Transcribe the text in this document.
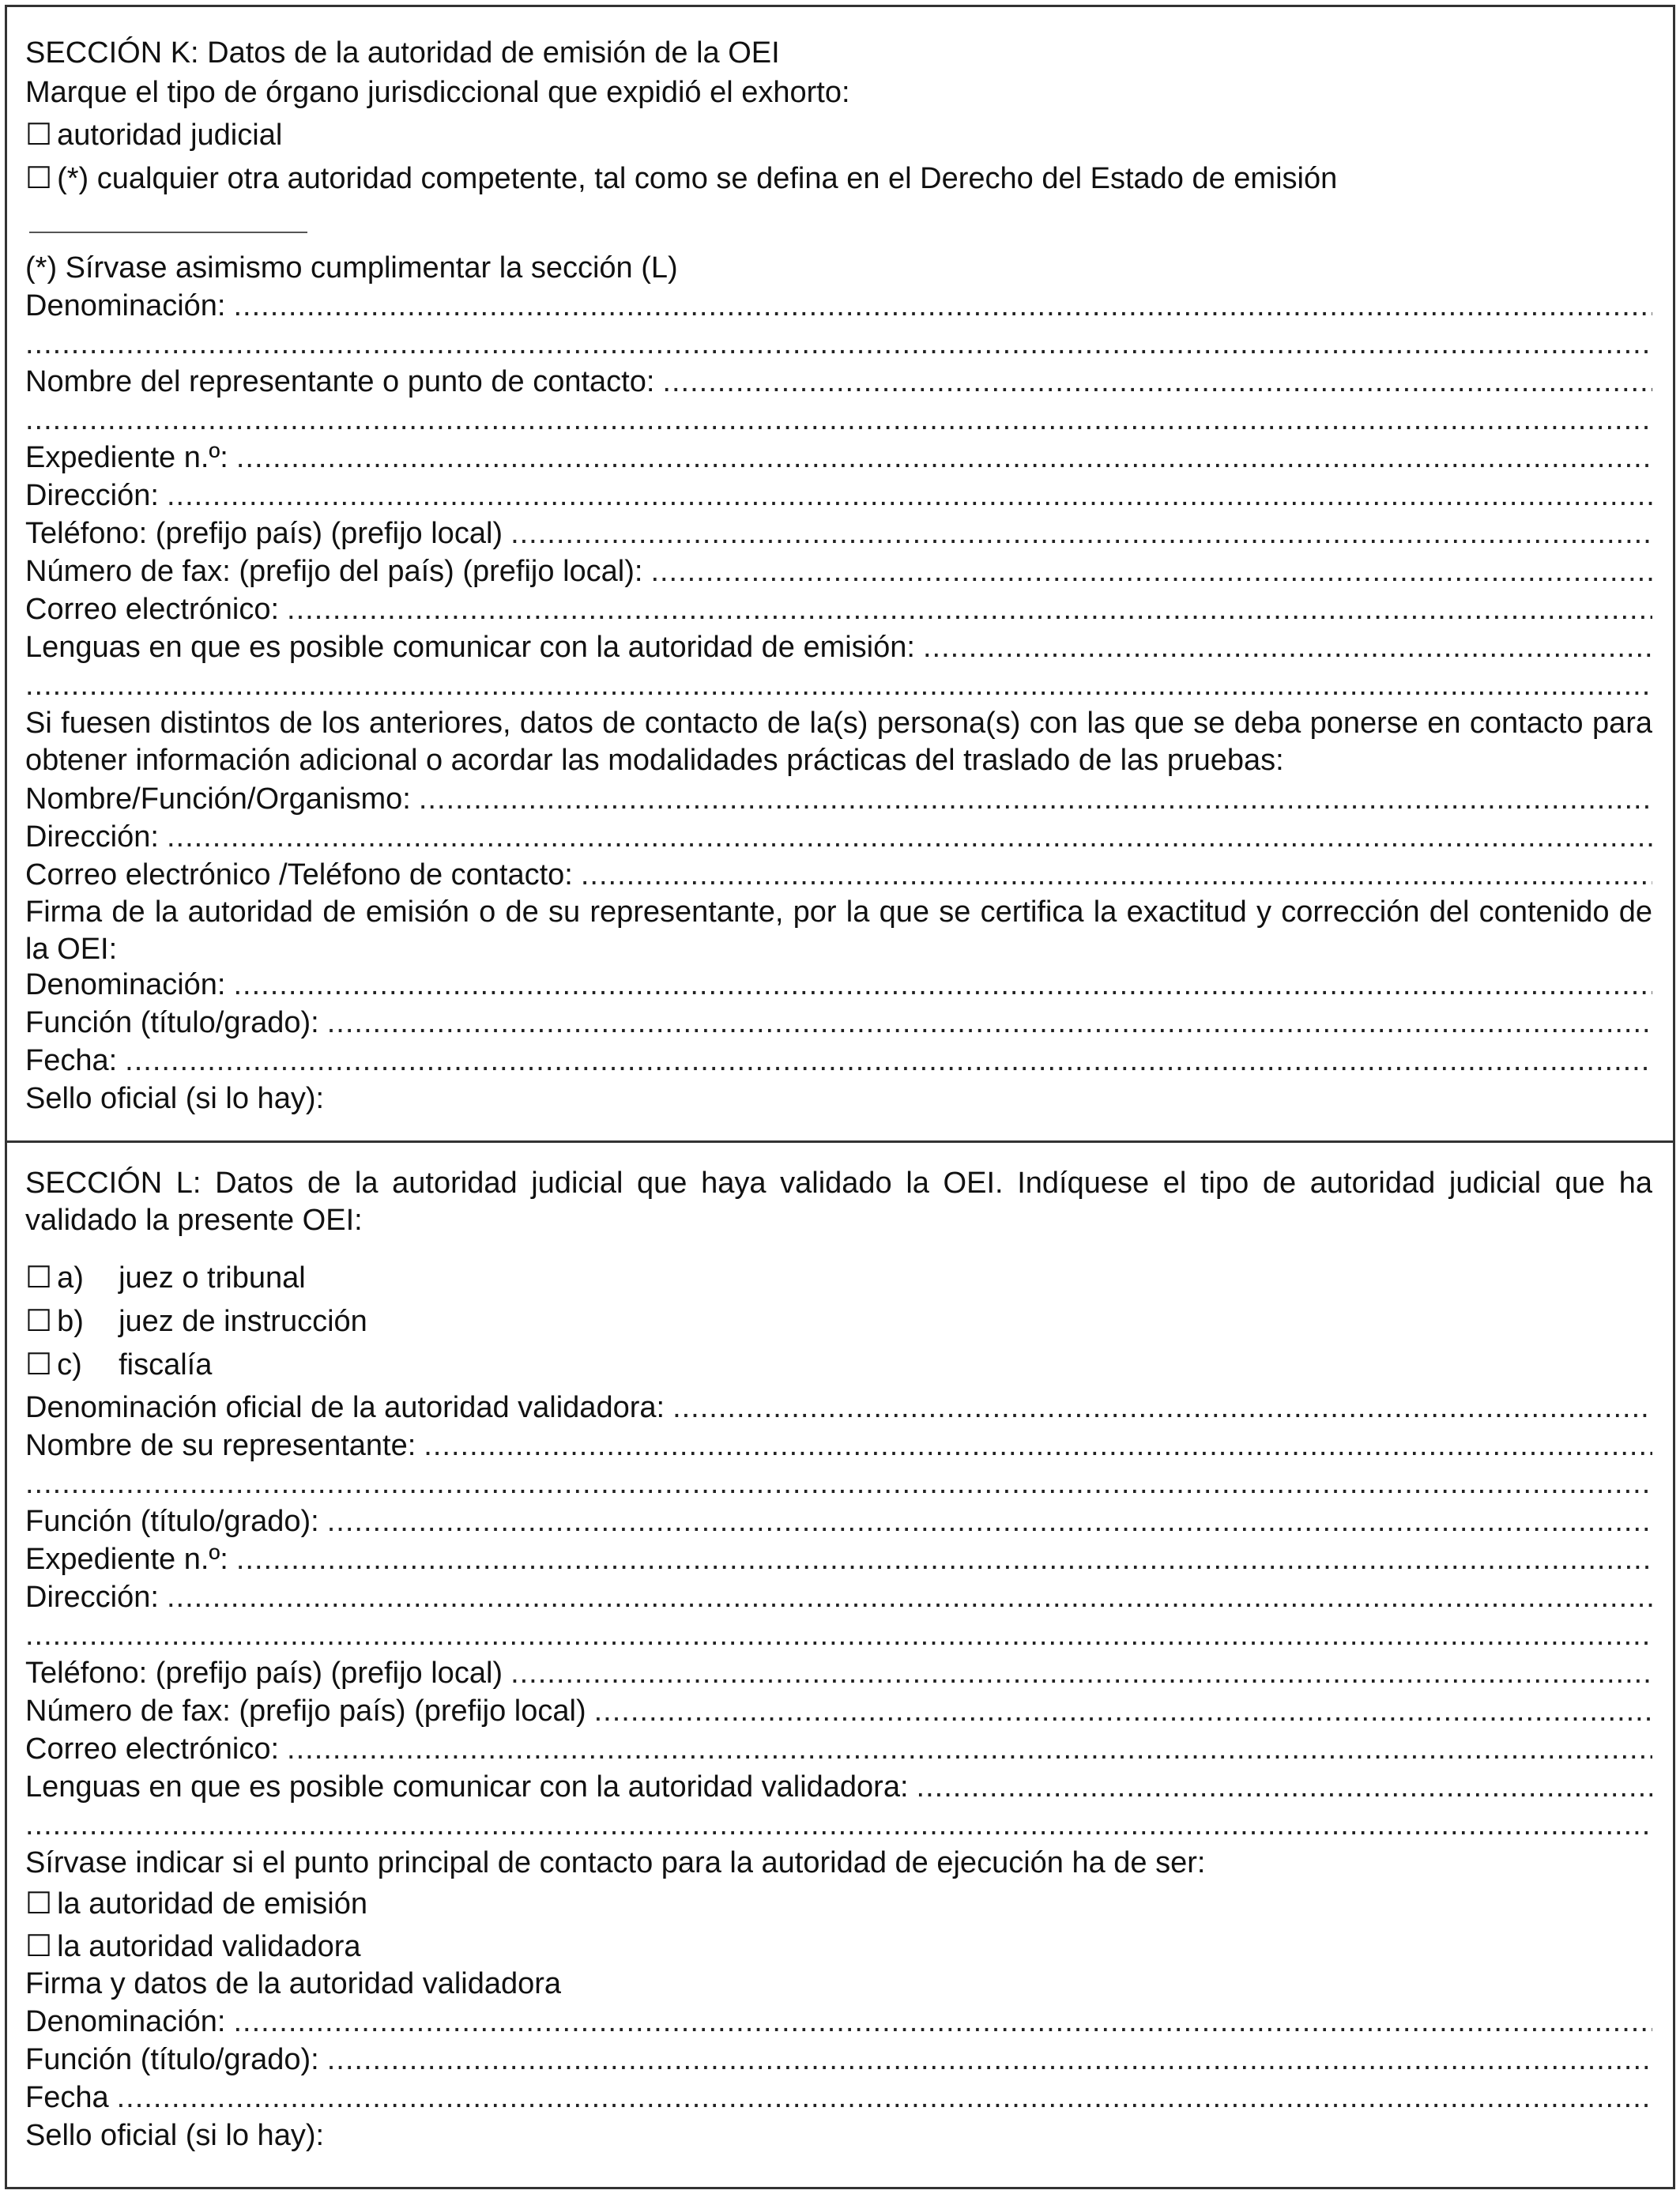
SECCIÓN K: Datos de la autoridad de emisión de la OEI
Marque el tipo de órgano jurisdiccional que expidió el exhorto:
☐ autoridad judicial
☐ (*) cualquier otra autoridad competente, tal como se defina en el Derecho del Estado de emisión
(*) Sírvase asimismo cumplimentar la sección (L)
Denominación:
.....
.....
Nombre del representante o punto de contacto:
.....
.....
Expediente n.º:
.....
Dirección:
.....
Teléfono: (prefijo país) (prefijo local)
.....
Número de fax: (prefijo del país) (prefijo local):
.....
Correo electrónico:
.....
Lenguas en que es posible comunicar con la autoridad de emisión:
.....
.....
Si fuesen distintos de los anteriores, datos de contacto de la(s) persona(s) con las que se deba ponerse en contacto para obtener información adicional o acordar las modalidades prácticas del traslado de las pruebas:
Nombre/Función/Organismo:
.....
Dirección:
.....
Correo electrónico /Teléfono de contacto:
.....
Firma de la autoridad de emisión o de su representante, por la que se certifica la exactitud y corrección del contenido de la OEI:
Denominación:
.....
Función (título/grado):
.....
Fecha:
.....
Sello oficial (si lo hay):
SECCIÓN L: Datos de la autoridad judicial que haya validado la OEI. Indíquese el tipo de autoridad judicial que ha validado la presente OEI:
☐ a)	juez o tribunal
☐ b)	juez de instrucción
☐ c)	fiscalía
Denominación oficial de la autoridad validadora:
.....
Nombre de su representante:
.....
.....
Función (título/grado):
.....
Expediente n.º:
.....
Dirección:
.....
.....
Teléfono: (prefijo país) (prefijo local)
.....
Número de fax: (prefijo país) (prefijo local)
.....
Correo electrónico:
.....
Lenguas en que es posible comunicar con la autoridad validadora:
.....
.....
Sírvase indicar si el punto principal de contacto para la autoridad de ejecución ha de ser:
☐ la autoridad de emisión
☐ la autoridad validadora
Firma y datos de la autoridad validadora
Denominación:
.....
Función (título/grado):
.....
Fecha
.....
Sello oficial (si lo hay):
